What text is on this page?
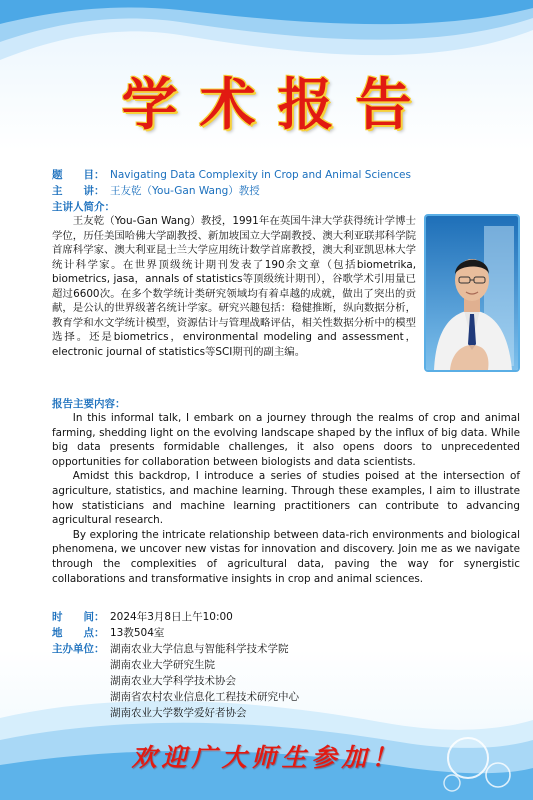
学术报告
题　　目： Navigating Data Complexity in Crop and Animal Sciences
主　　讲： 王友乾（You-Gan Wang）教授
主讲人简介：
王友乾（You-Gan Wang）教授，1991年在英国牛津大学获得统计学博士学位，历任美国哈佛大学副教授、新加坡国立大学副教授、澳大利亚联邦科学院首席科学家、澳大利亚昆士兰大学应用统计数学首席教授，澳大利亚凯思林大学统计科学家。在世界顶级统计期刊发表了190余文章（包括biometrika, biometrics, jasa，annals of statistics等顶级统计期刊），谷歌学术引用量已超过6600次。在多个数学统计类研究领域均有着卓越的成就，做出了突出的贡献，是公认的世界级著名统计学家。研究兴趣包括：稳健推断，纵向数据分析，教育学和水文学统计模型，资源估计与管理战略评估，相关性数据分析中的模型选择。还是biometrics，environmental modeling and assessment，electronic journal of statistics等SCI期刊的副主编。
报告主要内容：

In this informal talk, I embark on a journey through the realms of crop and animal farming, shedding light on the evolving landscape shaped by the influx of big data. While big data presents formidable challenges, it also opens doors to unprecedented opportunities for collaboration between biologists and data scientists.

Amidst this backdrop, I introduce a series of studies poised at the intersection of agriculture, statistics, and machine learning. Through these examples, I aim to illustrate how statisticians and machine learning practitioners can contribute to advancing agricultural research.

By exploring the intricate relationship between data-rich environments and biological phenomena, we uncover new vistas for innovation and discovery. Join me as we navigate through the complexities of agricultural data, paving the way for synergistic collaborations and transformative insights in crop and animal sciences.

时　　间： 2024年3月8日上午10:00
地　　点： 13教504室
主办单位： 湖南农业大学信息与智能科学技术学院
湖南农业大学研究生院
湖南农业大学科学技术协会
湖南省农村农业信息化工程技术研究中心
湖南农业大学数学爱好者协会
欢迎广大师生参加！
